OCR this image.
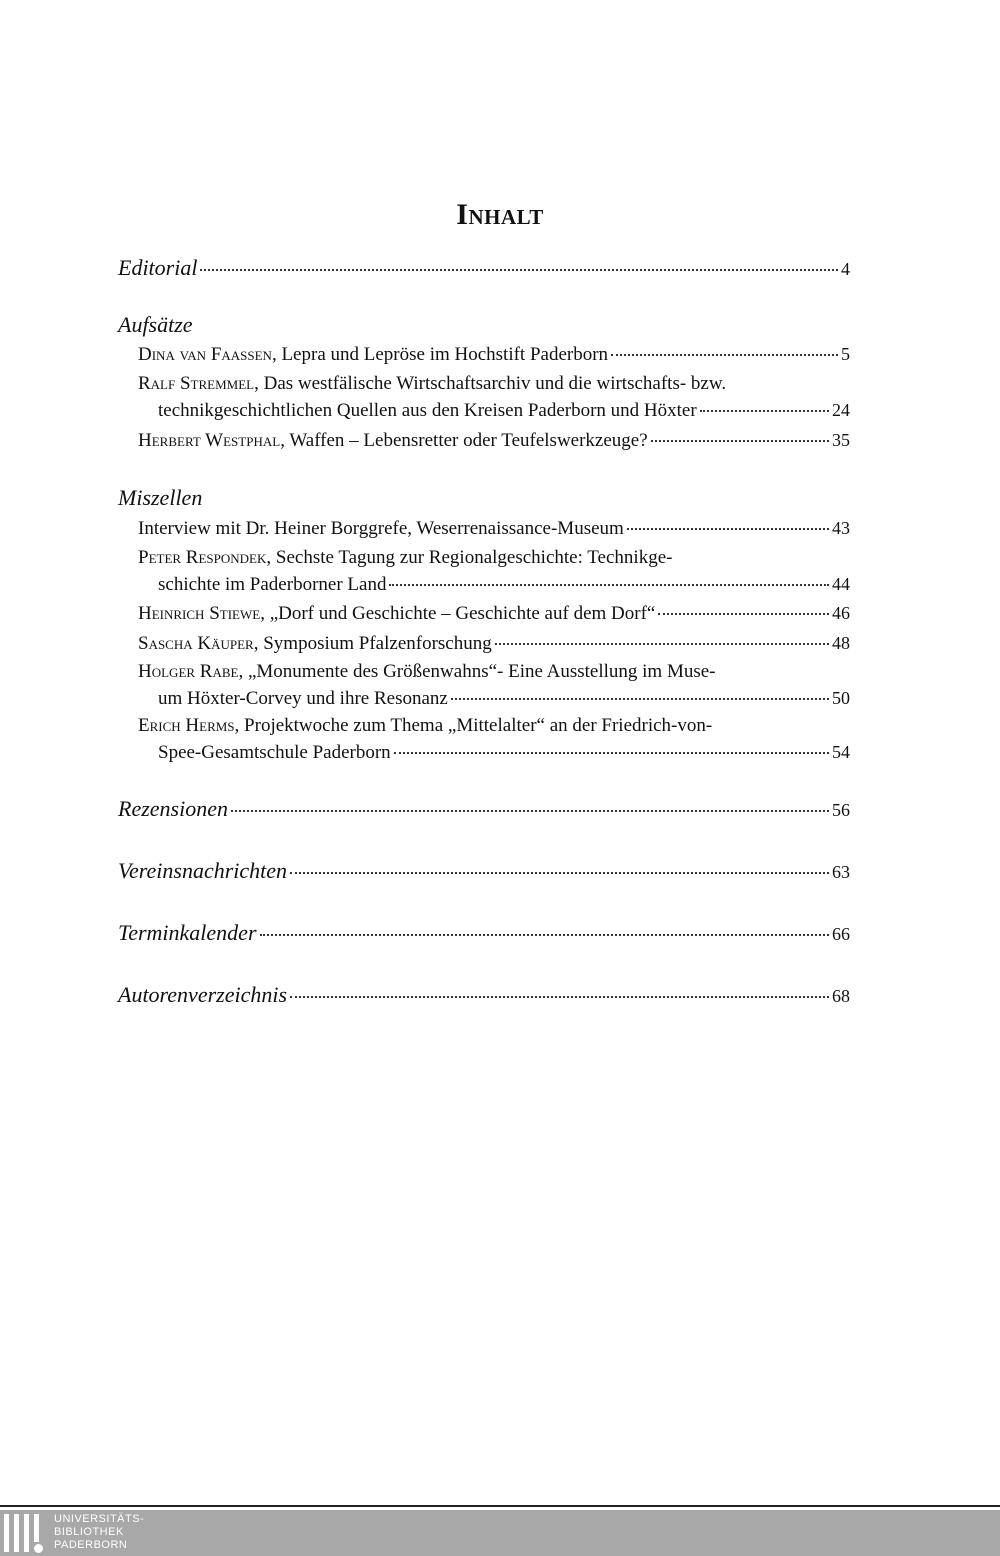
Inhalt
Editorial	4
Aufsätze
Dina van Faassen , Lepra und Lepröse im Hochstift Paderborn	5
Ralf Stremmel , Das westfälische Wirtschaftsarchiv und die wirtschafts- bzw.
technikgeschichtlichen Quellen aus den Kreisen Paderborn und Höxter	24
Herbert Westphal , Waffen – Lebensretter oder Teufelswerkzeuge?	35
Miszellen
Interview mit Dr. Heiner Borggrefe, Weserrenaissance-Museum	43
Peter Respondek , Sechste Tagung zur Regionalgeschichte: Technikge-
schichte im Paderborner Land	44
Heinrich Stiewe , „Dorf und Geschichte – Geschichte auf dem Dorf“	46
Sascha Käuper , Symposium Pfalzenforschung	48
Holger Rabe , „Monumente des Größenwahns“- Eine Ausstellung im Muse-
um Höxter-Corvey und ihre Resonanz	50
Erich Herms , Projektwoche zum Thema „Mittelalter“ an der Friedrich-von-
Spee-Gesamtschule Paderborn	54
Rezensionen	56
Vereinsnachrichten	63
Terminkalender	66
Autorenverzeichnis	68
UNIVERSITÄTS-
BIBLIOTHEK
PADERBORN
